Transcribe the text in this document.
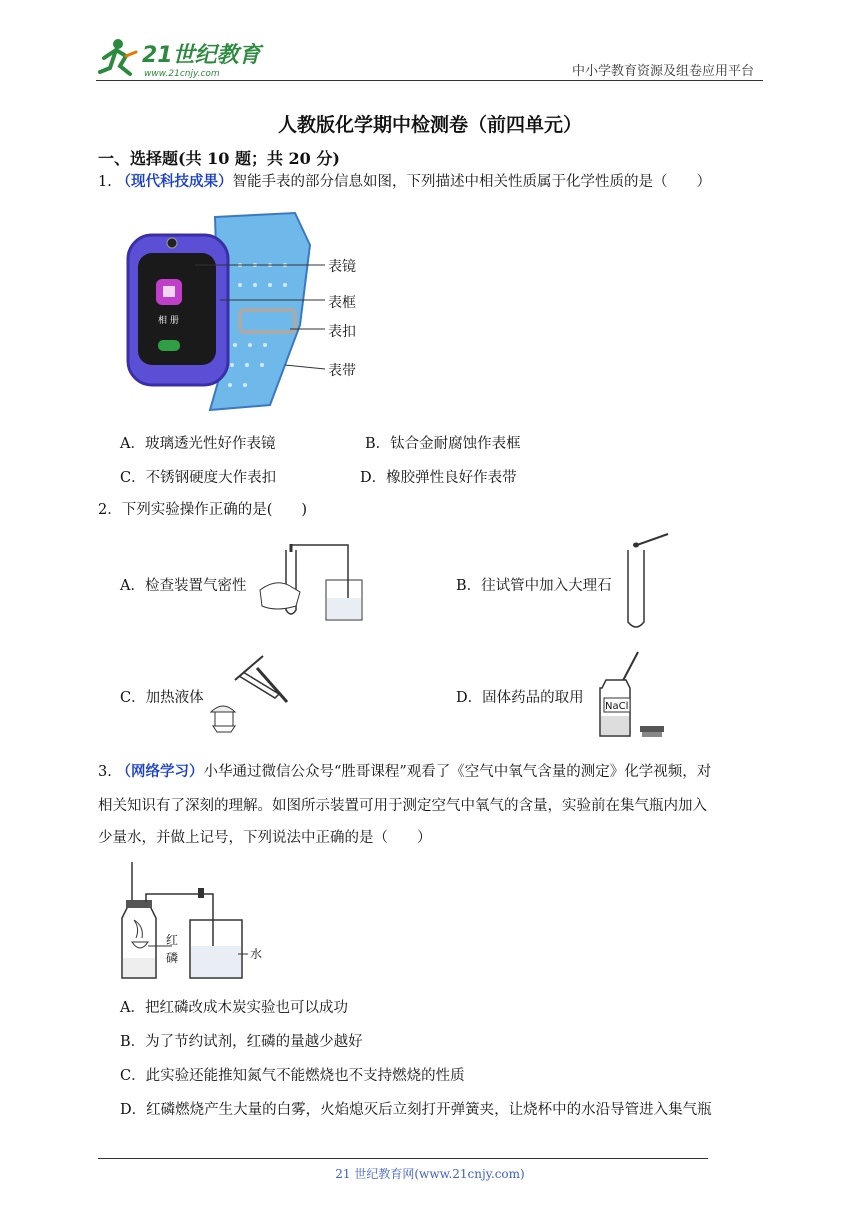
21世纪教育
www.21cnjy.com	中小学教育资源及组卷应用平台
人教版化学期中检测卷（前四单元）
一、选择题(共 10 题；共 20 分)
1. （现代科技成果）智能手表的部分信息如图，下列描述中相关性质属于化学性质的是（　　）
相 册
表镜
表框
表扣
表带
A．玻璃透光性好作表镜	B．钛合金耐腐蚀作表框
C．不锈钢硬度大作表扣	D．橡胶弹性良好作表带
2．下列实验操作正确的是(　　)
A．检查装置气密性	B．往试管中加入大理石
C．加热液体	D．固体药品的取用
NaCl
3. （网络学习）小华通过微信公众号“胜哥课程”观看了《空气中氧气含量的测定》化学视频，对
相关知识有了深刻的理解。如图所示装置可用于测定空气中氧气的含量，实验前在集气瓶内加入
少量水，并做上记号，下列说法中正确的是（　　）
红
磷	水
A．把红磷改成木炭实验也可以成功
B．为了节约试剂，红磷的量越少越好
C．此实验还能推知氮气不能燃烧也不支持燃烧的性质
D．红磷燃烧产生大量的白雾，火焰熄灭后立刻打开弹簧夹，让烧杯中的水沿导管进入集气瓶
21 世纪教育网(www.21cnjy.com)
